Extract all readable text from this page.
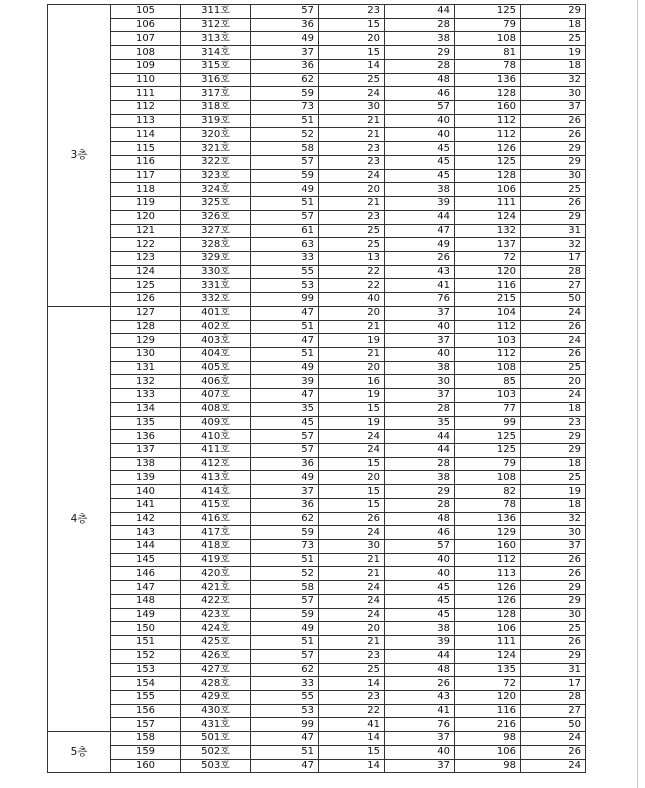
3층	105	311호	57	23	44	125	29
	106	312호	36	15	28	79	18
	107	313호	49	20	38	108	25
	108	314호	37	15	29	81	19
	109	315호	36	14	28	78	18
	110	316호	62	25	48	136	32
	111	317호	59	24	46	128	30
	112	318호	73	30	57	160	37
	113	319호	51	21	40	112	26
	114	320호	52	21	40	112	26
	115	321호	58	23	45	126	29
	116	322호	57	23	45	125	29
	117	323호	59	24	45	128	30
	118	324호	49	20	38	106	25
	119	325호	51	21	39	111	26
	120	326호	57	23	44	124	29
	121	327호	61	25	47	132	31
	122	328호	63	25	49	137	32
	123	329호	33	13	26	72	17
	124	330호	55	22	43	120	28
	125	331호	53	22	41	116	27
	126	332호	99	40	76	215	50
4층	127	401호	47	20	37	104	24
	128	402호	51	21	40	112	26
	129	403호	47	19	37	103	24
	130	404호	51	21	40	112	26
	131	405호	49	20	38	108	25
	132	406호	39	16	30	85	20
	133	407호	47	19	37	103	24
	134	408호	35	15	28	77	18
	135	409호	45	19	35	99	23
	136	410호	57	24	44	125	29
	137	411호	57	24	44	125	29
	138	412호	36	15	28	79	18
	139	413호	49	20	38	108	25
	140	414호	37	15	29	82	19
	141	415호	36	15	28	78	18
	142	416호	62	26	48	136	32
	143	417호	59	24	46	129	30
	144	418호	73	30	57	160	37
	145	419호	51	21	40	112	26
	146	420호	52	21	40	113	26
	147	421호	58	24	45	126	29
	148	422호	57	24	45	126	29
	149	423호	59	24	45	128	30
	150	424호	49	20	38	106	25
	151	425호	51	21	39	111	26
	152	426호	57	23	44	124	29
	153	427호	62	25	48	135	31
	154	428호	33	14	26	72	17
	155	429호	55	23	43	120	28
	156	430호	53	22	41	116	27
	157	431호	99	41	76	216	50
5층	158	501호	47	14	37	98	24
	159	502호	51	15	40	106	26
	160	503호	47	14	37	98	24
